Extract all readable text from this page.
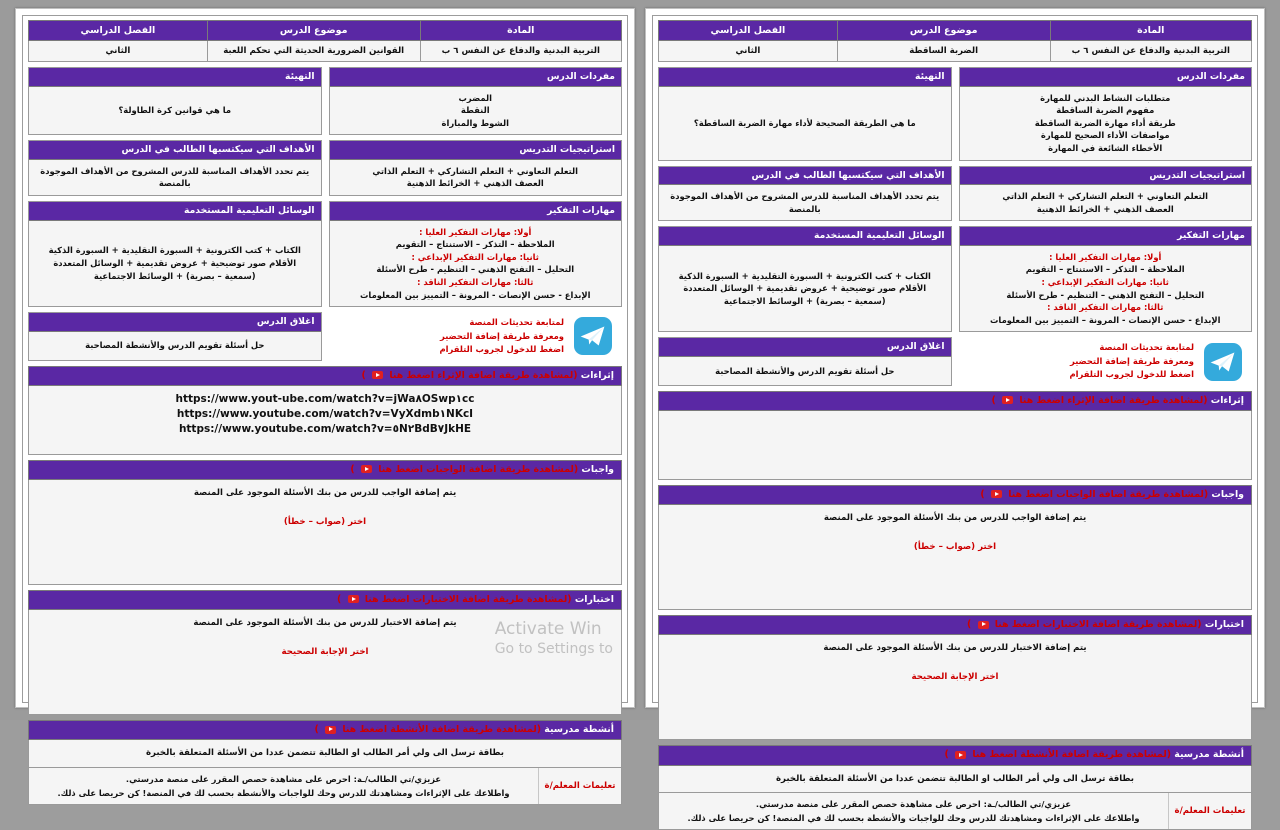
المادة	موضوع الدرس	الفصل الدراسي
التربية البدنية والدفاع عن النفس ٦ ب	الضربة الساقطة	الثاني
مفردات الدرس
متطلبات النشاط البدني للمهارة
مفهوم الضربة الساقطة
طريقة أداء مهارة الضربة الساقطة
مواصفات الأداء الصحيح للمهارة
الأخطاء الشائعة في المهارة
التهيئة
ما هي الطريقة الصحيحة لأداء مهارة الضربة الساقطة؟
استراتيجيات التدريس
التعلم التعاوني + التعلم التشاركي + التعلم الذاتي
العصف الذهني + الخرائط الذهنية
الأهداف التي سيكتسبها الطالب في الدرس
يتم تحدد الأهداف المناسبة للدرس المشروح من الأهداف الموجودة بالمنصة
مهارات التفكير
أولا: مهارات التفكير العليا :
الملاحظة – التذكر – الاستنتاج – التقويم
ثانيا: مهارات التفكير الإبداعي :
التحليل – التفتح الذهني – التنظيم - طرح الأسئلة
ثالثا: مهارات التفكير الناقد :
الإبداع - حسن الإنصات - المرونة – التمييز بين المعلومات
الوسائل التعليمية المستخدمة
الكتاب + كتب الكترونية + السبورة التقليدية + السبورة الذكية
الأقلام صور توضيحية + عروض تقديمية + الوسائل المتعددة
(سمعية – بصرية) + الوسائط الاجتماعية
لمتابعة تحديثات المنصة
ومعرفة طريقة إضافة التحضير
اضغط للدخول لجروب التلقرام
اغلاق الدرس
حل أسئلة تقويم الدرس والأنشطة المصاحبة
إثراءات (لمشاهدة طريقة اضافة الإثراء اضغط هنا  )
واجبات (لمشاهدة طريقة اضافة الواجبات اضغط هنا  )
يتم إضافة الواجب للدرس من بنك الأسئلة الموجود على المنصة
اختر (صواب – خطأ)
اختبارات (لمشاهدة طريقة اضافة الاختبارات اضغط هنا  )
يتم إضافة الاختبار للدرس من بنك الأسئلة الموجود على المنصة
اختر الإجابة الصحيحة
أنشطة مدرسية (لمشاهدة طريقة اضافة الأنشطة اضغط هنا  )
بطاقة ترسل الى ولي أمر الطالب او الطالبة تتضمن عددا من الأسئلة المتعلقة بالخبرة
تعليمات المعلم/ة
عزيزي/تي الطالب/ـة: احرص على مشاهدة حصص المقرر على منصة مدرستي.
واطلاعك على الإثراءات ومشاهدتك للدرس وحك للواجبات والأنشطة بحسب لك في المنصة! كن حريصا على ذلك.
المادة	موضوع الدرس	الفصل الدراسي
التربية البدنية والدفاع عن النفس ٦ ب	القوانين الضرورية الحديثة التي تحكم اللعبة	الثاني
مفردات الدرس
المضرب
النقطة
الشوط والمباراة
التهيئة
ما هي قوانين كرة الطاولة؟
استراتيجيات التدريس
التعلم التعاوني + التعلم التشاركي + التعلم الذاتي
العصف الذهني + الخرائط الذهنية
الأهداف التي سيكتسبها الطالب في الدرس
يتم تحدد الأهداف المناسبة للدرس المشروح من الأهداف الموجودة بالمنصة
مهارات التفكير
أولا: مهارات التفكير العليا :
الملاحظة – التذكر – الاستنتاج – التقويم
ثانيا: مهارات التفكير الإبداعي :
التحليل – التفتح الذهني – التنظيم - طرح الأسئلة
ثالثا: مهارات التفكير الناقد :
الإبداع - حسن الإنصات - المرونة – التمييز بين المعلومات
الوسائل التعليمية المستخدمة
الكتاب + كتب الكترونية + السبورة التقليدية + السبورة الذكية
الأقلام صور توضيحية + عروض تقديمية + الوسائل المتعددة
(سمعية – بصرية) + الوسائط الاجتماعية
لمتابعة تحديثات المنصة
ومعرفة طريقة إضافة التحضير
اضغط للدخول لجروب التلقرام
اغلاق الدرس
حل أسئلة تقويم الدرس والأنشطة المصاحبة
إثراءات (لمشاهدة طريقة اضافة الإثراء اضغط هنا  )
https://www.yout-ube.com/watch?v=jWa٨OSwp١cc
https://www.youtube.com/watch?v=VyXdmb١NKcI
https://www.youtube.com/watch?v=٥N٢BdB٧JkHE
واجبات (لمشاهدة طريقة اضافة الواجبات اضغط هنا  )
يتم إضافة الواجب للدرس من بنك الأسئلة الموجود على المنصة
اختر (صواب – خطأ)
اختبارات (لمشاهدة طريقة اضافة الاختبارات اضغط هنا  )
يتم إضافة الاختبار للدرس من بنك الأسئلة الموجود على المنصة
اختر الإجابة الصحيحة
أنشطة مدرسية (لمشاهدة طريقة اضافة الأنشطة اضغط هنا  )
بطاقة ترسل الى ولي أمر الطالب او الطالبة تتضمن عددا من الأسئلة المتعلقة بالخبرة
تعليمات المعلم/ة
عزيزي/تي الطالب/ـة: احرص على مشاهدة حصص المقرر على منصة مدرستي.
واطلاعك على الإثراءات ومشاهدتك للدرس وحك للواجبات والأنشطة بحسب لك في المنصة! كن حريصا على ذلك.
Activate Win
Go to Settings to
